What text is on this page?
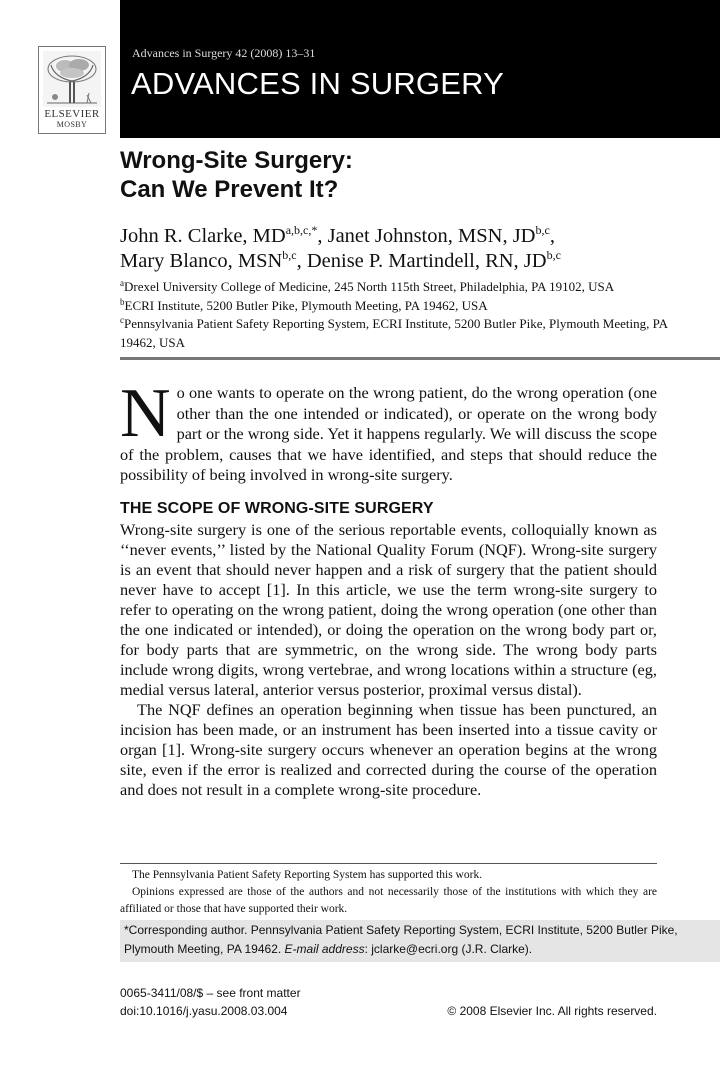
ELSEVIER
MOSBY
Advances in Surgery 42 (2008) 13–31
ADVANCES IN SURGERY
Wrong-Site Surgery:
Can We Prevent It?
John R. Clarke, $MD^{a,b,c,*}$, Janet Johnston, MSN, JD$^{b,c}$,
Mary Blanco, MSN$^{b,c}$, Denise P. Martindell, RN, JD$^{b,c}$
$^a$Drexel University College of Medicine, 245 North 115th Street, Philadelphia, PA 19102, USA
$^b$ECRI Institute, 5200 Butler Pike, Plymouth Meeting, PA 19462, USA
$^c$Pennsylvania Patient Safety Reporting System, ECRI Institute, 5200 Butler Pike, Plymouth Meeting, PA 19462, USA

No one wants to operate on the wrong patient, do the wrong operation (one other than the one intended or indicated), or operate on the wrong body part or the wrong side. Yet it happens regularly. We will discuss the scope of the problem, causes that we have identified, and steps that should reduce the possibility of being involved in wrong-site surgery.

THE SCOPE OF WRONG-SITE SURGERY

Wrong-site surgery is one of the serious reportable events, colloquially known as ‘‘never events,’’ listed by the National Quality Forum (NQF). Wrong-site surgery is an event that should never happen and a risk of surgery that the patient should never have to accept [1]. In this article, we use the term wrong-site surgery to refer to operating on the wrong patient, doing the wrong operation (one other than the one indicated or intended), or doing the operation on the wrong body part or, for body parts that are symmetric, on the wrong side. The wrong body parts include wrong digits, wrong vertebrae, and wrong locations within a structure (eg, medial versus lateral, anterior versus posterior, proximal versus distal).

The NQF defines an operation beginning when tissue has been punctured, an incision has been made, or an instrument has been inserted into a tissue cavity or organ [1]. Wrong-site surgery occurs whenever an operation begins at the wrong site, even if the error is realized and corrected during the course of the operation and does not result in a complete wrong-site procedure.

The Pennsylvania Patient Safety Reporting System has supported this work.

Opinions expressed are those of the authors and not necessarily those of the institutions with which they are affiliated or those that have supported their work.

*Corresponding author. Pennsylvania Patient Safety Reporting System, ECRI Institute, 5200 Butler Pike, Plymouth Meeting, PA 19462. E-mail address: jclarke@ecri.org (J.R. Clarke).
0065-3411/08/$ – see front matter
doi:10.1016/j.yasu.2008.03.004	© 2008 Elsevier Inc. All rights reserved.
